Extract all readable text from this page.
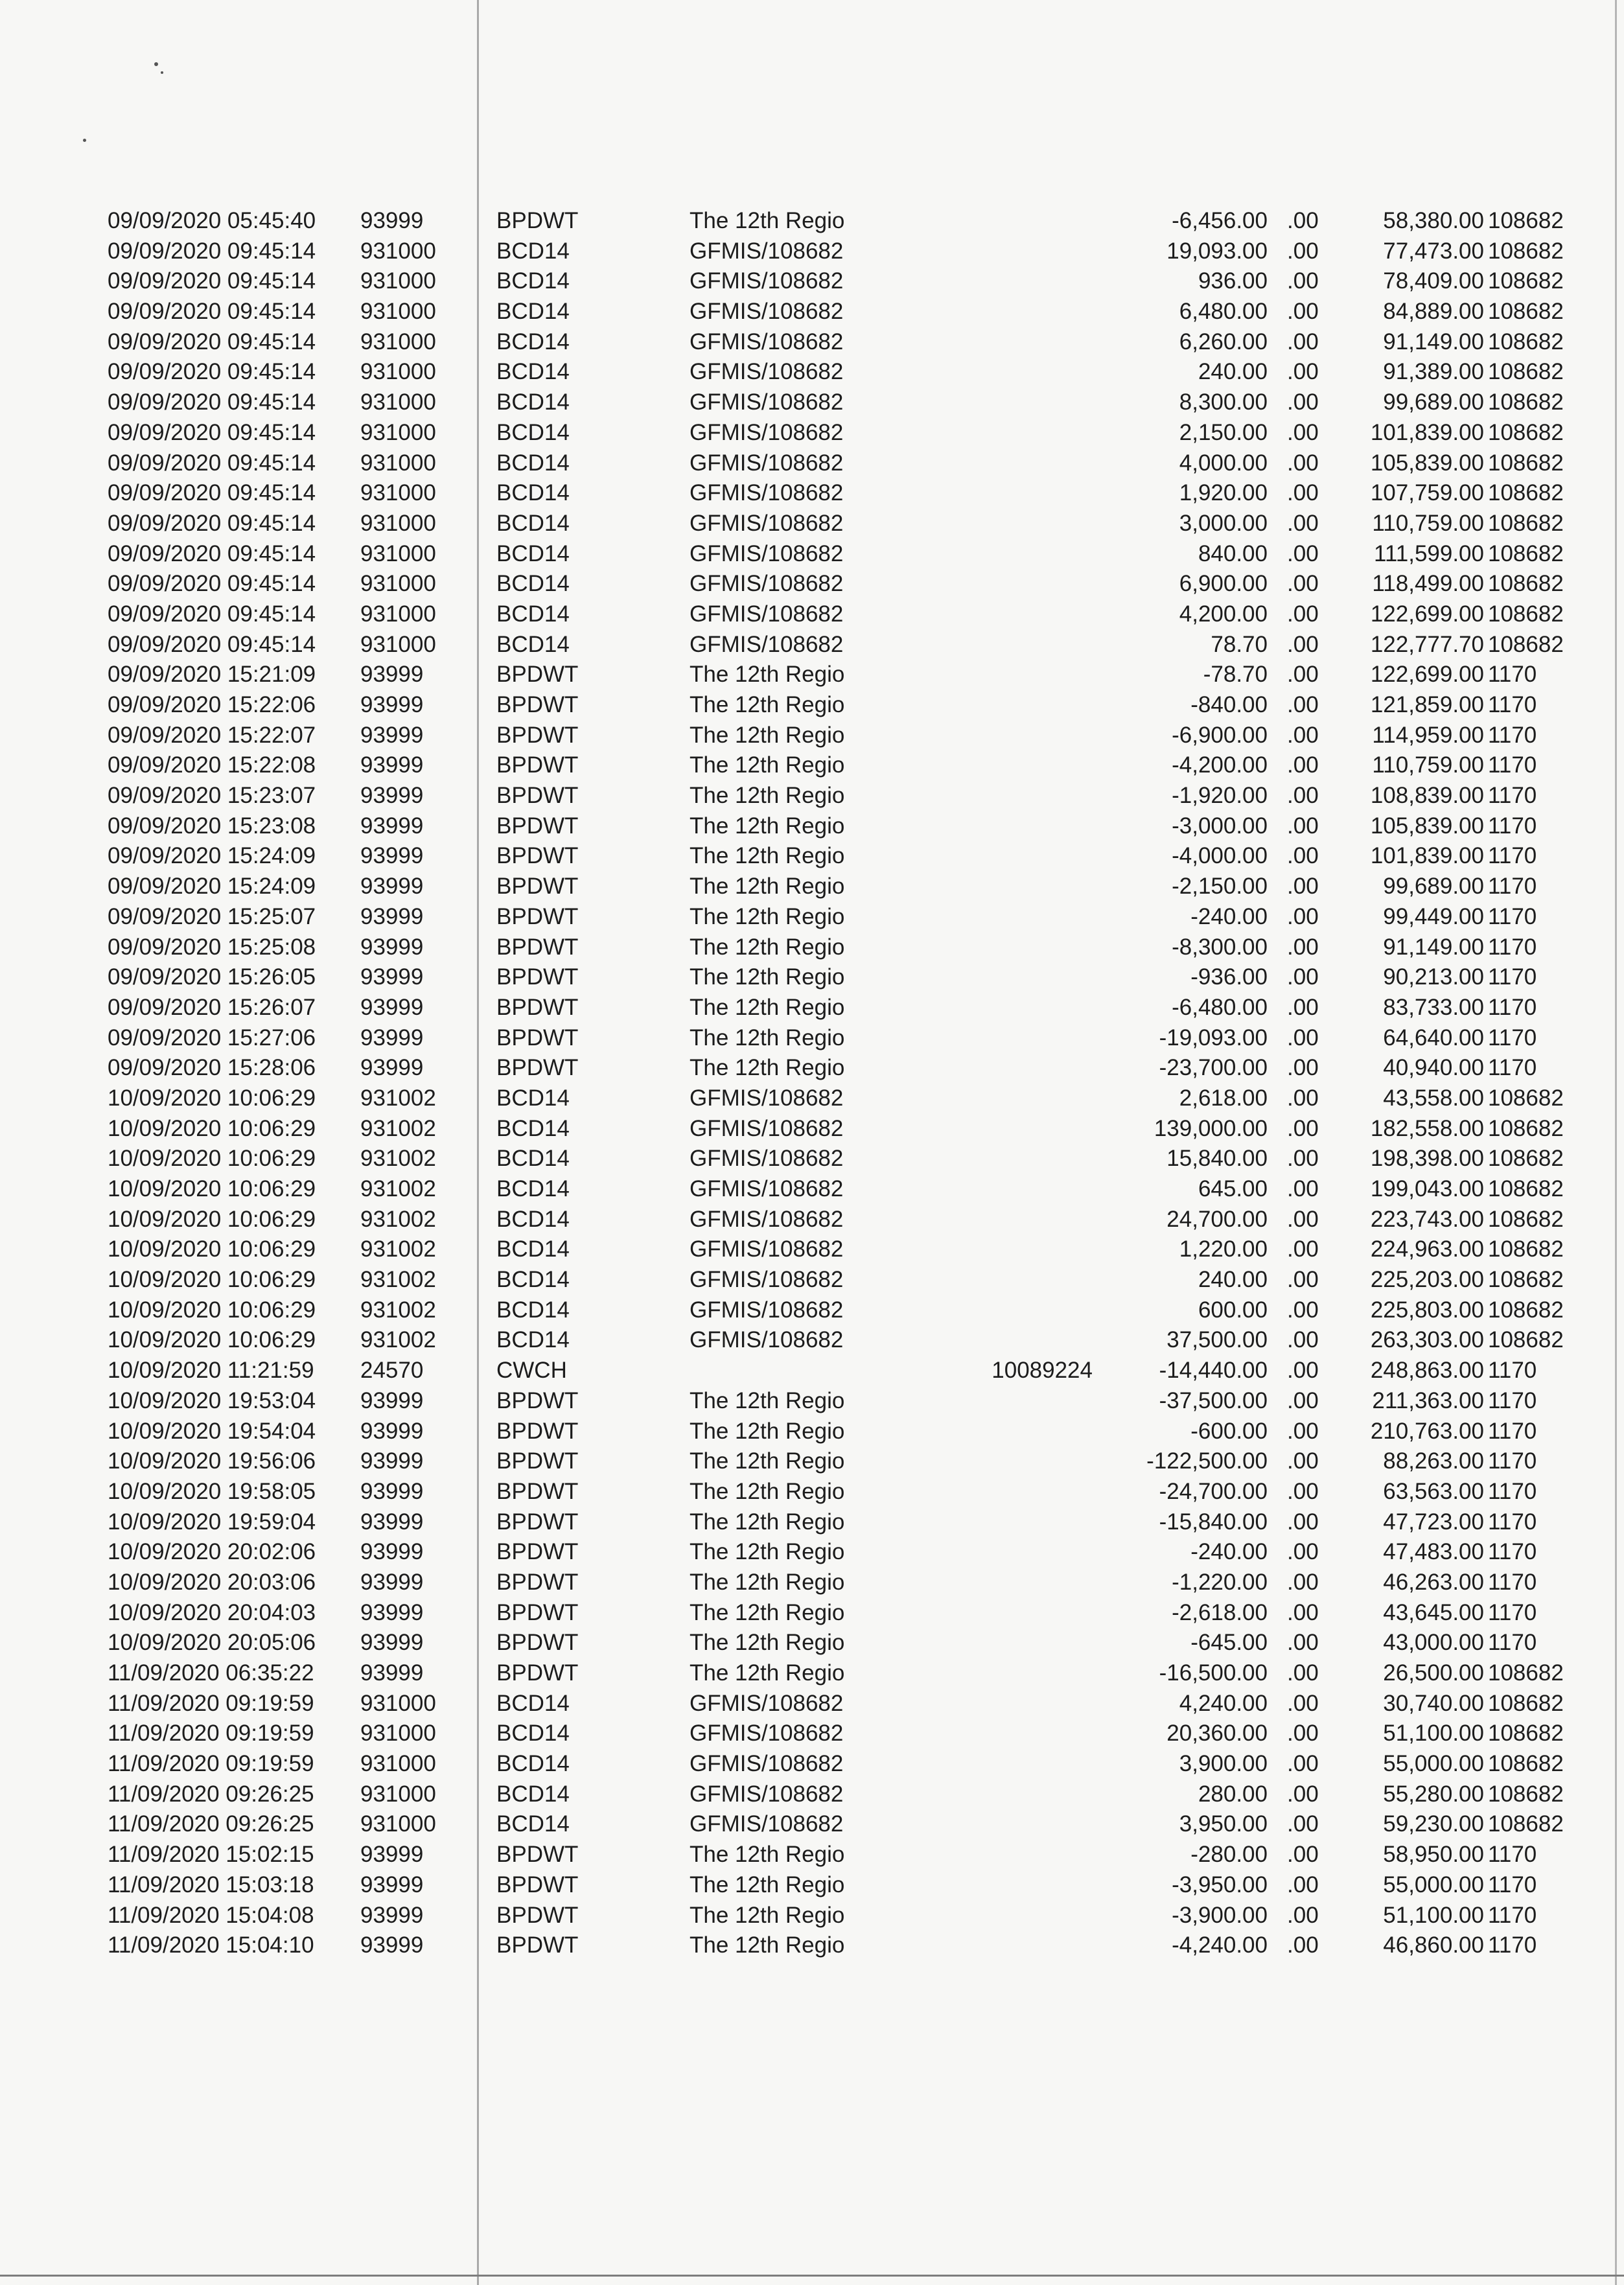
09/09/2020 05:45:40 93999	BPDWT	The 12th Regio	-6,456.00 .00	58,380.00 108682
09/09/2020 09:45:14 931000	BCD14	GFMIS/108682	19,093.00 .00	77,473.00 108682
09/09/2020 09:45:14 931000	BCD14	GFMIS/108682	936.00 .00	78,409.00 108682
09/09/2020 09:45:14 931000	BCD14	GFMIS/108682	6,480.00 .00	84,889.00 108682
09/09/2020 09:45:14 931000	BCD14	GFMIS/108682	6,260.00 .00	91,149.00 108682
09/09/2020 09:45:14 931000	BCD14	GFMIS/108682	240.00 .00	91,389.00 108682
09/09/2020 09:45:14 931000	BCD14	GFMIS/108682	8,300.00 .00	99,689.00 108682
09/09/2020 09:45:14 931000	BCD14	GFMIS/108682	2,150.00 .00	101,839.00 108682
09/09/2020 09:45:14 931000	BCD14	GFMIS/108682	4,000.00 .00	105,839.00 108682
09/09/2020 09:45:14 931000	BCD14	GFMIS/108682	1,920.00 .00	107,759.00 108682
09/09/2020 09:45:14 931000	BCD14	GFMIS/108682	3,000.00 .00	110,759.00 108682
09/09/2020 09:45:14 931000	BCD14	GFMIS/108682	840.00 .00	111,599.00 108682
09/09/2020 09:45:14 931000	BCD14	GFMIS/108682	6,900.00 .00	118,499.00 108682
09/09/2020 09:45:14 931000	BCD14	GFMIS/108682	4,200.00 .00	122,699.00 108682
09/09/2020 09:45:14 931000	BCD14	GFMIS/108682	78.70 .00	122,777.70 108682
09/09/2020 15:21:09 93999	BPDWT	The 12th Regio	-78.70 .00	122,699.00 1170
09/09/2020 15:22:06 93999	BPDWT	The 12th Regio	-840.00 .00	121,859.00 1170
09/09/2020 15:22:07 93999	BPDWT	The 12th Regio	-6,900.00 .00	114,959.00 1170
09/09/2020 15:22:08 93999	BPDWT	The 12th Regio	-4,200.00 .00	110,759.00 1170
09/09/2020 15:23:07 93999	BPDWT	The 12th Regio	-1,920.00 .00	108,839.00 1170
09/09/2020 15:23:08 93999	BPDWT	The 12th Regio	-3,000.00 .00	105,839.00 1170
09/09/2020 15:24:09 93999	BPDWT	The 12th Regio	-4,000.00 .00	101,839.00 1170
09/09/2020 15:24:09 93999	BPDWT	The 12th Regio	-2,150.00 .00	99,689.00 1170
09/09/2020 15:25:07 93999	BPDWT	The 12th Regio	-240.00 .00	99,449.00 1170
09/09/2020 15:25:08 93999	BPDWT	The 12th Regio	-8,300.00 .00	91,149.00 1170
09/09/2020 15:26:05 93999	BPDWT	The 12th Regio	-936.00 .00	90,213.00 1170
09/09/2020 15:26:07 93999	BPDWT	The 12th Regio	-6,480.00 .00	83,733.00 1170
09/09/2020 15:27:06 93999	BPDWT	The 12th Regio	-19,093.00 .00	64,640.00 1170
09/09/2020 15:28:06 93999	BPDWT	The 12th Regio	-23,700.00 .00	40,940.00 1170
10/09/2020 10:06:29 931002	BCD14	GFMIS/108682	2,618.00 .00	43,558.00 108682
10/09/2020 10:06:29 931002	BCD14	GFMIS/108682	139,000.00 .00	182,558.00 108682
10/09/2020 10:06:29 931002	BCD14	GFMIS/108682	15,840.00 .00	198,398.00 108682
10/09/2020 10:06:29 931002	BCD14	GFMIS/108682	645.00 .00	199,043.00 108682
10/09/2020 10:06:29 931002	BCD14	GFMIS/108682	24,700.00 .00	223,743.00 108682
10/09/2020 10:06:29 931002	BCD14	GFMIS/108682	1,220.00 .00	224,963.00 108682
10/09/2020 10:06:29 931002	BCD14	GFMIS/108682	240.00 .00	225,203.00 108682
10/09/2020 10:06:29 931002	BCD14	GFMIS/108682	600.00 .00	225,803.00 108682
10/09/2020 10:06:29 931002	BCD14	GFMIS/108682	37,500.00 .00	263,303.00 108682
10/09/2020 11:21:59 24570	CWCH	10089224	-14,440.00 .00	248,863.00 1170
10/09/2020 19:53:04 93999	BPDWT	The 12th Regio	-37,500.00 .00	211,363.00 1170
10/09/2020 19:54:04 93999	BPDWT	The 12th Regio	-600.00 .00	210,763.00 1170
10/09/2020 19:56:06 93999	BPDWT	The 12th Regio	-122,500.00 .00	88,263.00 1170
10/09/2020 19:58:05 93999	BPDWT	The 12th Regio	-24,700.00 .00	63,563.00 1170
10/09/2020 19:59:04 93999	BPDWT	The 12th Regio	-15,840.00 .00	47,723.00 1170
10/09/2020 20:02:06 93999	BPDWT	The 12th Regio	-240.00 .00	47,483.00 1170
10/09/2020 20:03:06 93999	BPDWT	The 12th Regio	-1,220.00 .00	46,263.00 1170
10/09/2020 20:04:03 93999	BPDWT	The 12th Regio	-2,618.00 .00	43,645.00 1170
10/09/2020 20:05:06 93999	BPDWT	The 12th Regio	-645.00 .00	43,000.00 1170
11/09/2020 06:35:22 93999	BPDWT	The 12th Regio	-16,500.00 .00	26,500.00 108682
11/09/2020 09:19:59 931000	BCD14	GFMIS/108682	4,240.00 .00	30,740.00 108682
11/09/2020 09:19:59 931000	BCD14	GFMIS/108682	20,360.00 .00	51,100.00 108682
11/09/2020 09:19:59 931000	BCD14	GFMIS/108682	3,900.00 .00	55,000.00 108682
11/09/2020 09:26:25 931000	BCD14	GFMIS/108682	280.00 .00	55,280.00 108682
11/09/2020 09:26:25 931000	BCD14	GFMIS/108682	3,950.00 .00	59,230.00 108682
11/09/2020 15:02:15 93999	BPDWT	The 12th Regio	-280.00 .00	58,950.00 1170
11/09/2020 15:03:18 93999	BPDWT	The 12th Regio	-3,950.00 .00	55,000.00 1170
11/09/2020 15:04:08 93999	BPDWT	The 12th Regio	-3,900.00 .00	51,100.00 1170
11/09/2020 15:04:10 93999	BPDWT	The 12th Regio	-4,240.00 .00	46,860.00 1170
